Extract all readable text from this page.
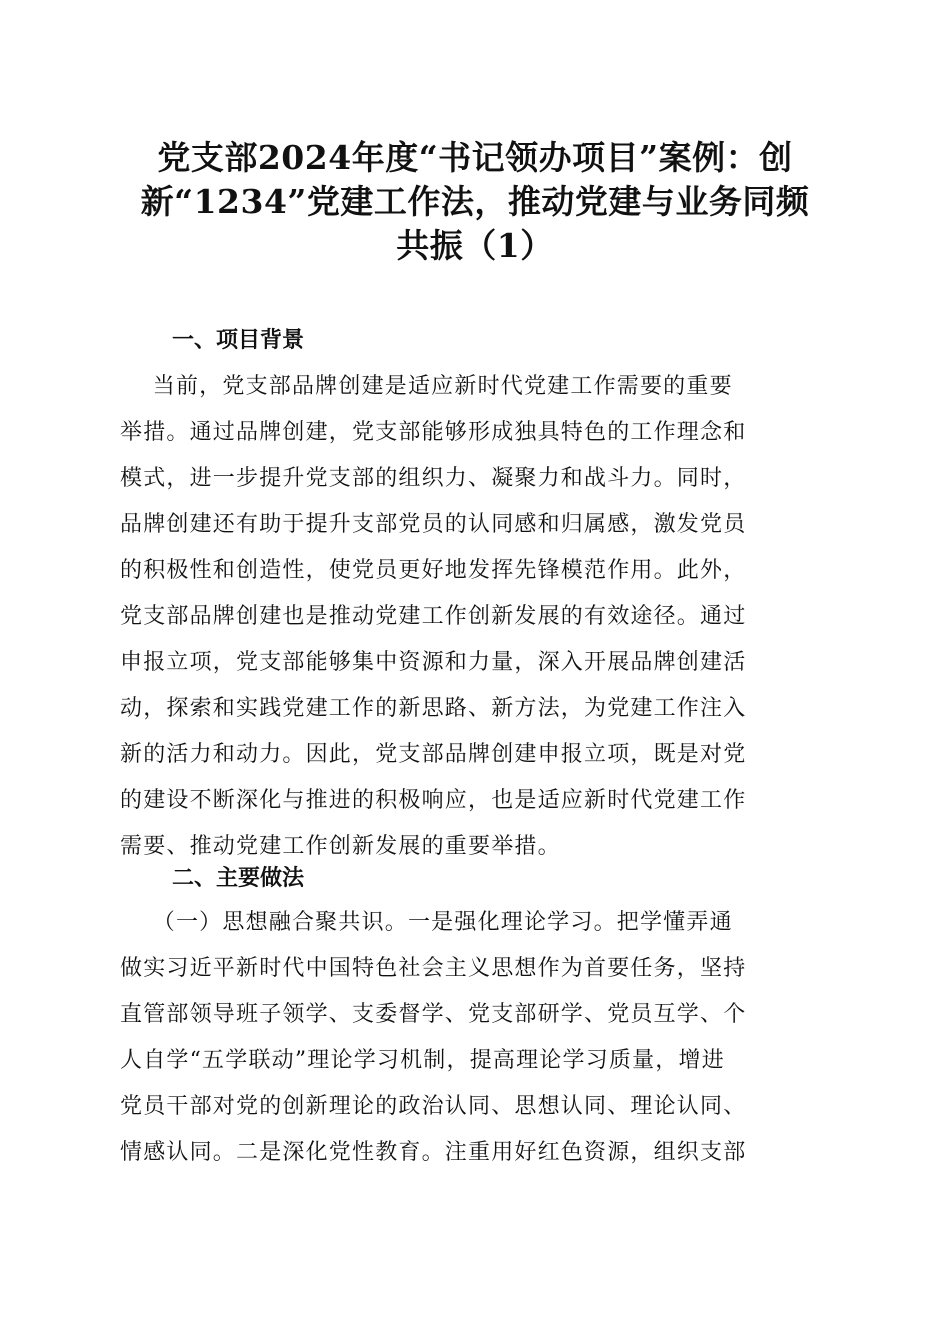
党支部2024年度“书记领办项目”案例：创
新“1234”党建工作法，推动党建与业务同频
共振（1）
一、项目背景
当前，党支部品牌创建是适应新时代党建工作需要的重要
举措。通过品牌创建，党支部能够形成独具特色的工作理念和
模式，进一步提升党支部的组织力、凝聚力和战斗力。同时，
品牌创建还有助于提升支部党员的认同感和归属感，激发党员
的积极性和创造性，使党员更好地发挥先锋模范作用。此外，
党支部品牌创建也是推动党建工作创新发展的有效途径。通过
申报立项，党支部能够集中资源和力量，深入开展品牌创建活
动，探索和实践党建工作的新思路、新方法，为党建工作注入
新的活力和动力。因此，党支部品牌创建申报立项，既是对党
的建设不断深化与推进的积极响应，也是适应新时代党建工作
需要、推动党建工作创新发展的重要举措。
二、主要做法
（一）思想融合聚共识。一是强化理论学习。把学懂弄通
做实习近平新时代中国特色社会主义思想作为首要任务，坚持
直管部领导班子领学、支委督学、党支部研学、党员互学、个
人自学“五学联动”理论学习机制，提高理论学习质量，增进
党员干部对党的创新理论的政治认同、思想认同、理论认同、
情感认同。二是深化党性教育。注重用好红色资源，组织支部
